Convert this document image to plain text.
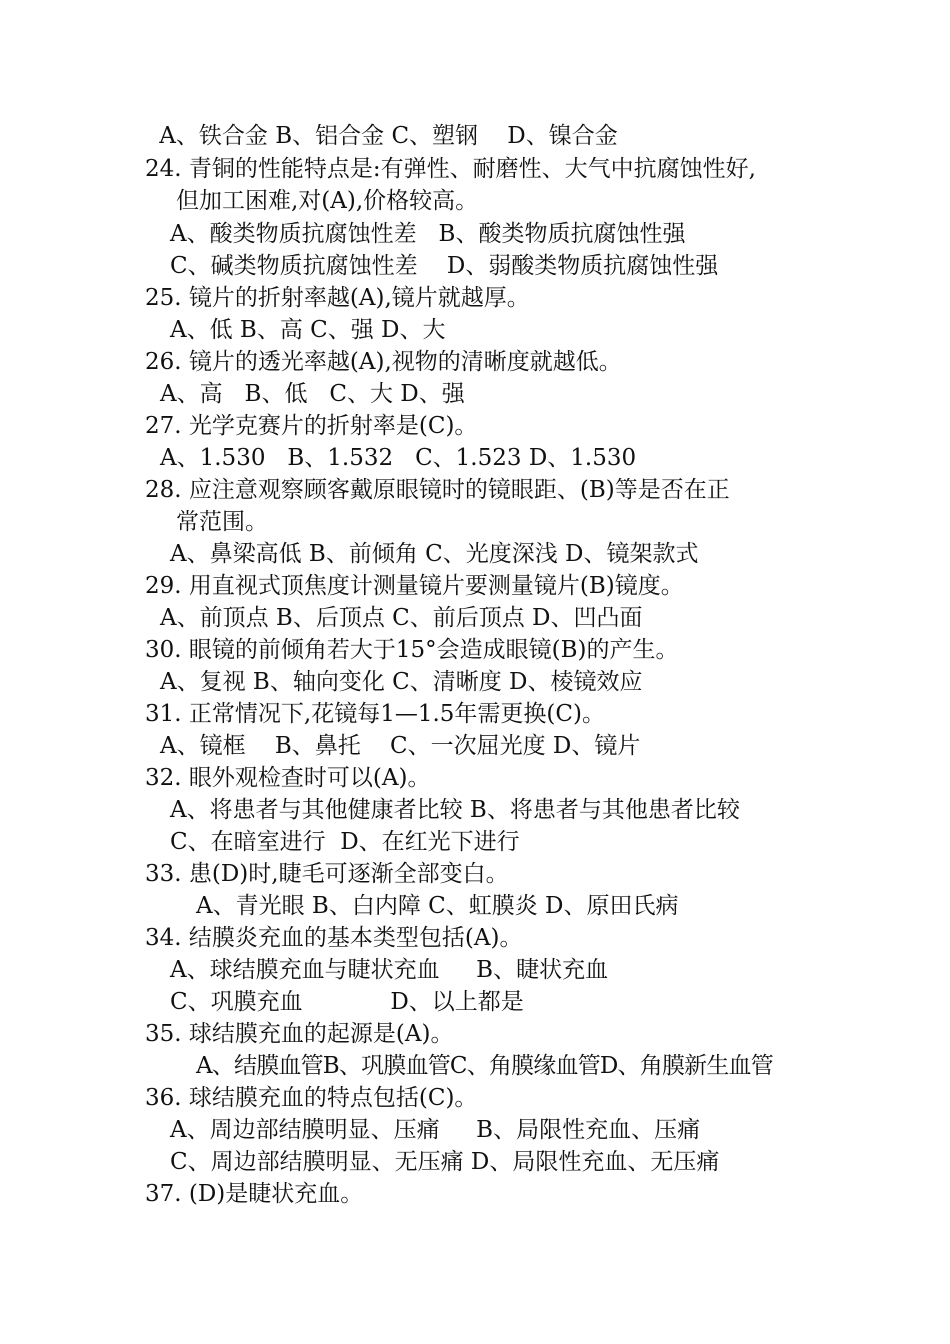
A、铁合金 B、铝合金 C、塑钢    D、镍合金
24. 青铜的性能特点是:有弹性、耐磨性、大气中抗腐蚀性好,
但加工困难,对(A),价格较高。
A、酸类物质抗腐蚀性差   B、酸类物质抗腐蚀性强
C、碱类物质抗腐蚀性差    D、弱酸类物质抗腐蚀性强
25. 镜片的折射率越(A),镜片就越厚。
A、低 B、高 C、强 D、大
26. 镜片的透光率越(A),视物的清晰度就越低。
A、高   B、低   C、大 D、强
27. 光学克赛片的折射率是(C)。
A、1.530   B、1.532   C、1.523 D、1.530
28. 应注意观察顾客戴原眼镜时的镜眼距、(B)等是否在正
常范围。
A、鼻梁高低 B、前倾角 C、光度深浅 D、镜架款式
29. 用直视式顶焦度计测量镜片要测量镜片(B)镜度。
A、前顶点 B、后顶点 C、前后顶点 D、凹凸面
30. 眼镜的前倾角若大于15°会造成眼镜(B)的产生。
A、复视 B、轴向变化 C、清晰度 D、棱镜效应
31. 正常情况下,花镜每1—1.5年需更换(C)。
A、镜框    B、鼻托    C、一次屈光度 D、镜片
32. 眼外观检查时可以(A)。
A、将患者与其他健康者比较 B、将患者与其他患者比较
C、在暗室进行  D、在红光下进行
33. 患(D)时,睫毛可逐渐全部变白。
A、青光眼 B、白内障 C、虹膜炎 D、原田氏病
34. 结膜炎充血的基本类型包括(A)。
A、球结膜充血与睫状充血     B、睫状充血
C、巩膜充血            D、以上都是
35. 球结膜充血的起源是(A)。
A、结膜血管B、巩膜血管C、角膜缘血管D、角膜新生血管
36. 球结膜充血的特点包括(C)。
A、周边部结膜明显、压痛     B、局限性充血、压痛
C、周边部结膜明显、无压痛 D、局限性充血、无压痛
37. (D)是睫状充血。
